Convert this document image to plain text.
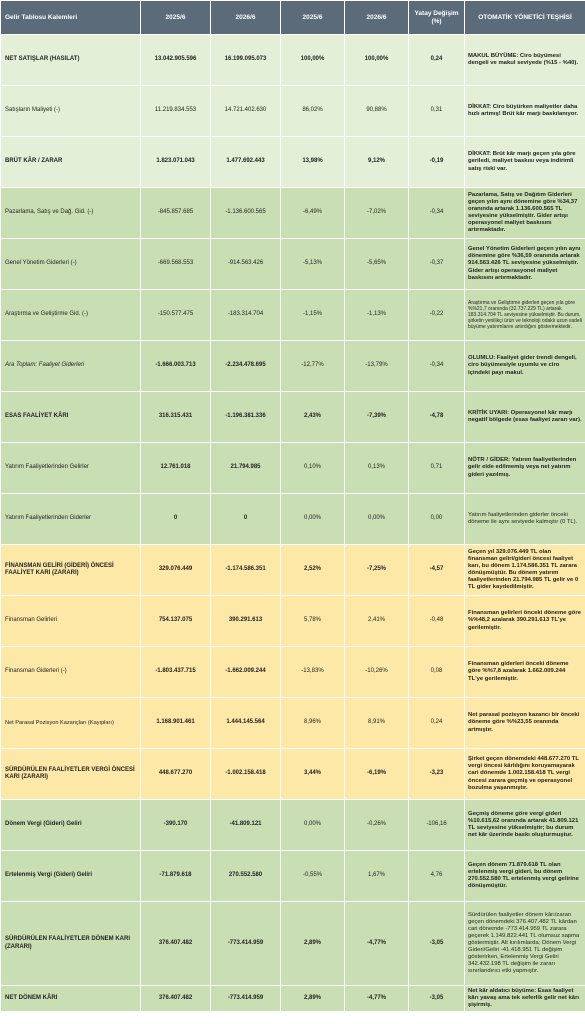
Gelir Tablosu Kalemleri	2025/6	2026/6	2025/6	2026/6	Yatay Değişim (%)	OTOMATİK YÖNETİCİ TEŞHİSİ
NET SATIŞLAR (HASILAT)	13.042.905.596	16.199.095.073	100,00%	100,00%	0,24	MAKUL BÜYÜME: Ciro büyümesi dengeli ve makul seviyede (%15 - %40).
Satışların Maliyeti (-)	11.219.834.553	14.721.402.630	86,02%	90,88%	0,31	DİKKAT: Ciro büyürken maliyetler daha hızlı artmış! Brüt kâr marjı baskılanıyor.
BRÜT KÂR / ZARAR	1.823.071.043	1.477.692.443	13,98%	9,12%	-0,19	DİKKAT: Brüt kâr marjı geçen yıla göre geriledi, maliyet baskısı veya indirimli satış riski var.
Pazarlama, Satış ve Dağ. Gid. (-)	-845.857.685	-1.136.600.565	-6,49%	-7,02%	-0,34	Pazarlama, Satış ve Dağıtım Giderleri geçen yılın aynı dönemine göre %34,37 oranında artarak 1.136.600.565 TL seviyesine yükselmiştir. Gider artışı operasyonel maliyet baskısını artırmaktadır.
Genel Yönetim Giderleri (-)	-669.568.553	-914.563.426	-5,13%	-5,65%	-0,37	Genel Yönetim Giderleri geçen yılın aynı dönemine göre %36,59 oranında artarak 914.563.426 TL seviyesine yükselmiştir. Gider artışı operasyonel maliyet baskısını artırmaktadır.
Araştırma ve Geliştirme Gid. (-)	-150.577.475	-183.314.704	-1,15%	-1,13%	-0,22	Araştırma ve Geliştirme giderleri geçen yıla göre %%21,7 oranında (32.737.229 TL) artarak 183.314.704 TL seviyesine yükselmiştir. Bu durum, şirketin yenilikçi ürün ve teknoloji odaklı uzun vadeli büyüme yatırımlarını artırdığını göstermektedir.
Ara Toplam: Faaliyet Giderleri	-1.666.003.713	-2.234.478.695	-12,77%	-13,79%	-0,34	OLUMLU: Faaliyet gider trendi dengeli, ciro büyümesiyle uyumlu ve ciro içindeki payı makul.
ESAS FAALİYET KÂRI	316.315.431	-1.196.381.336	2,43%	-7,39%	-4,78	KRİTİK UYARI: Operasyonel kâr marjı negatif bölgede (esas faaliyet zararı var).
Yatırım Faaliyetlerinden Gelirler	12.761.018	21.794.985	0,10%	0,13%	0,71	NÖTR / GİDER: Yatırım faaliyetlerinden gelir elde edilmemiş veya net yatırım gideri yazılmış.
Yatırım Faaliyetlerinden Giderler	0	0	0,00%	0,00%	0,00	Yatırım faaliyetlerinden giderler önceki döneme ile aynı seviyede kalmıştır (0 TL).
FİNANSMAN GELİRİ (GİDERİ) ÖNCESİ FAALİYET KARI (ZARARI)	329.076.449	-1.174.586.351	2,52%	-7,25%	-4,57	Geçen yıl 329.076.449 TL olan finansman geliri/gideri öncesi faaliyet karı, bu dönem 1.174.586.351 TL zarara dönüşmüştür. Bu dönem yatırım faaliyetlerinden 21.794.985 TL gelir ve 0 TL gider kaydedilmiştir.
Finansman Gelirleri	754.137.075	390.291.613	5,78%	2,41%	-0,48	Finansman gelirleri önceki döneme göre %%48,2 azalarak 390.291.613 TL'ye gerilemiştir.
Finansman Giderleri (-)	-1.803.437.715	-1.662.009.244	-13,83%	-10,26%	0,08	Finansman giderleri önceki döneme göre %%7,8 azalarak 1.662.009.244 TL'ye gerilemiştir.
Net Parasal Pozisyon Kazançları (Kayıpları)	1.168.901.461	1.444.145.564	8,96%	8,91%	0,24	Net parasal pozisyon kazancı bir önceki döneme göre %%23,55 oranında artmıştır.
SÜRDÜRÜLEN FAALİYETLER VERGİ ÖNCESİ KARI (ZARARI)	448.677.270	-1.002.158.418	3,44%	-6,19%	-3,23	Şirket geçen dönemdeki 448.677.270 TL vergi öncesi kârlılığını koruyamayarak cari dönemde 1.002.158.418 TL vergi öncesi zarara geçmiş ve operasyonel bozulma yaşanmıştır.
Dönem Vergi (Gideri) Geliri	-390.170	-41.809.121	0,00%	-0,26%	-106,16	Geçmiş döneme göre vergi gideri %10.615,62 oranında artarak 41.809.121 TL seviyesine yükselmiştir; bu durum net kâr üzerinde baskı oluşturmuştur.
Ertelenmiş Vergi (Gideri) Geliri	-71.879.618	270.552.580	-0,55%	1,67%	4,76	Geçen dönem 71.879.618 TL olan ertelenmiş vergi gideri, bu dönem 270.552.580 TL ertelenmiş vergi gelirine dönüşmüştür.
SÜRDÜRÜLEN FAALİYETLER DÖNEM KARI (ZARARI)	376.407.482	-773.414.959	2,89%	-4,77%	-3,05	Sürdürülen faaliyetler dönem kârı/zararı geçen dönemdeki 376.407.482 TL kârdan cari dönemde -773.414.959 TL zarara geçerek 1.149.822.441 TL olumsuz sapma göstermiştir. Alt kırılımlarda; Dönem Vergi Gideri/Geliri -41.418.951 TL değişim gösterirken, Ertelenmiş Vergi Geliri 342.432.198 TL değişim ile zararı sınırlandırıcı etki yapmıştır.
NET DÖNEM KÂRI	376.407.482	-773.414.959	2,89%	-4,77%	-3,05	Net kâr aldatıcı büyüme: Esas faaliyet kârı yavaş ama tek seferlik gelir net kârı şişirmiş.
